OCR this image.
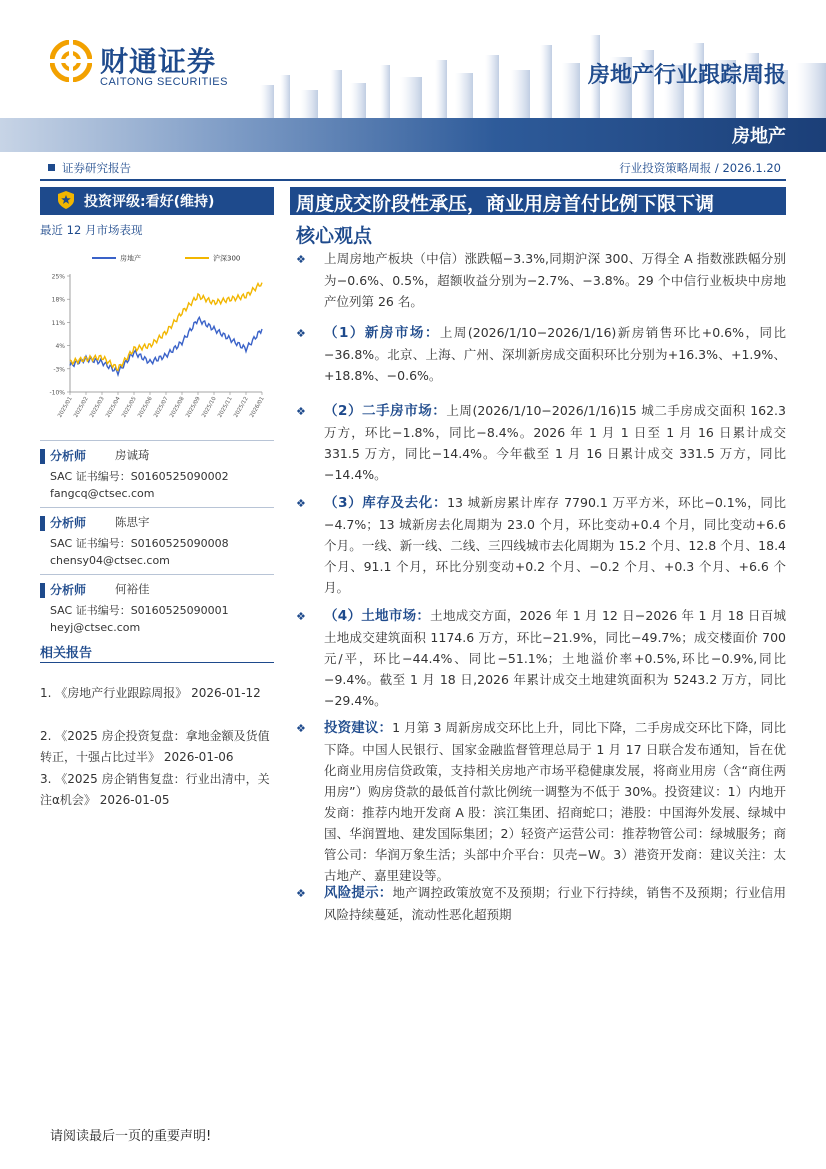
财通证券
CAITONG SECURITIES	房地产行业跟踪周报
房地产
证券研究报告	行业投资策略周报 / 2026.1.20
投资评级:看好(维持)
最近 12 月市场表现
房地产	沪深300
25%
18%
11%
4%
-3%
-10%
2025/01 2025/02 2025/03 2025/04 2025/05 2025/06 2025/07 2025/08 2025/09 2025/10 2025/11 2025/12 2026/01
分析师	房诚琦
SAC 证书编号：S0160525090002
fangcq@ctsec.com
分析师	陈思宇
SAC 证书编号：S0160525090008
chensy04@ctsec.com
分析师	何裕佳
SAC 证书编号：S0160525090001
heyj@ctsec.com
相关报告
1. 《房地产行业跟踪周报》 2026-01-12
2. 《2025 房企投资复盘：拿地金额及货值转正，十强占比过半》 2026-01-06
3. 《2025 房企销售复盘：行业出清中，关注α机会》 2026-01-05
周度成交阶段性承压，商业用房首付比例下限下调
核心观点
❖ 上周房地产板块（中信）涨跌幅−3.3%,同期沪深 300、万得全 A 指数涨跌幅分别为−0.6%、0.5%，超额收益分别为−2.7%、−3.8%。29 个中信行业板块中房地产位列第 26 名。
❖ （1）新房市场：上周(2026/1/10−2026/1/16)新房销售环比+0.6%，同比−36.8%。北京、上海、广州、深圳新房成交面积环比分别为+16.3%、+1.9%、+18.8%、−0.6%。
❖ （2）二手房市场：上周(2026/1/10−2026/1/16)15 城二手房成交面积 162.3 万方，环比−1.8%，同比−8.4%。2026 年 1 月 1 日至 1 月 16 日累计成交 331.5 万方，同比−14.4%。今年截至 1 月 16 日累计成交 331.5 万方，同比−14.4%。
❖ （3）库存及去化：13 城新房累计库存 7790.1 万平方米，环比−0.1%，同比−4.7%；13 城新房去化周期为 23.0 个月，环比变动+0.4 个月，同比变动+6.6 个月。一线、新一线、二线、三四线城市去化周期为 15.2 个月、12.8 个月、18.4 个月、91.1 个月，环比分别变动+0.2 个月、−0.2 个月、+0.3 个月、+6.6 个月。
❖ （4）土地市场：土地成交方面，2026 年 1 月 12 日−2026 年 1 月 18 日百城土地成交建筑面积 1174.6 万方，环比−21.9%，同比−49.7%；成交楼面价 700 元/平，环比−44.4%、同比−51.1%；土地溢价率+0.5%,环比−0.9%,同比−9.4%。截至 1 月 18 日,2026 年累计成交土地建筑面积为 5243.2 万方，同比−29.4%。
❖ 投资建议：1 月第 3 周新房成交环比上升，同比下降，二手房成交环比下降，同比下降。中国人民银行、国家金融监督管理总局于 1 月 17 日联合发布通知，旨在优化商业用房信贷政策，支持相关房地产市场平稳健康发展，将商业用房（含“商住两用房”）购房贷款的最低首付款比例统一调整为不低于 30%。投资建议：1）内地开发商：推荐内地开发商 A 股：滨江集团、招商蛇口；港股：中国海外发展、绿城中国、华润置地、建发国际集团；2）轻资产运营公司：推荐物管公司：绿城服务；商管公司：华润万象生活；头部中介平台：贝壳−W。3）港资开发商：建议关注：太古地产、嘉里建设等。
❖ 风险提示：地产调控政策放宽不及预期；行业下行持续，销售不及预期；行业信用风险持续蔓延，流动性恶化超预期
请阅读最后一页的重要声明!
